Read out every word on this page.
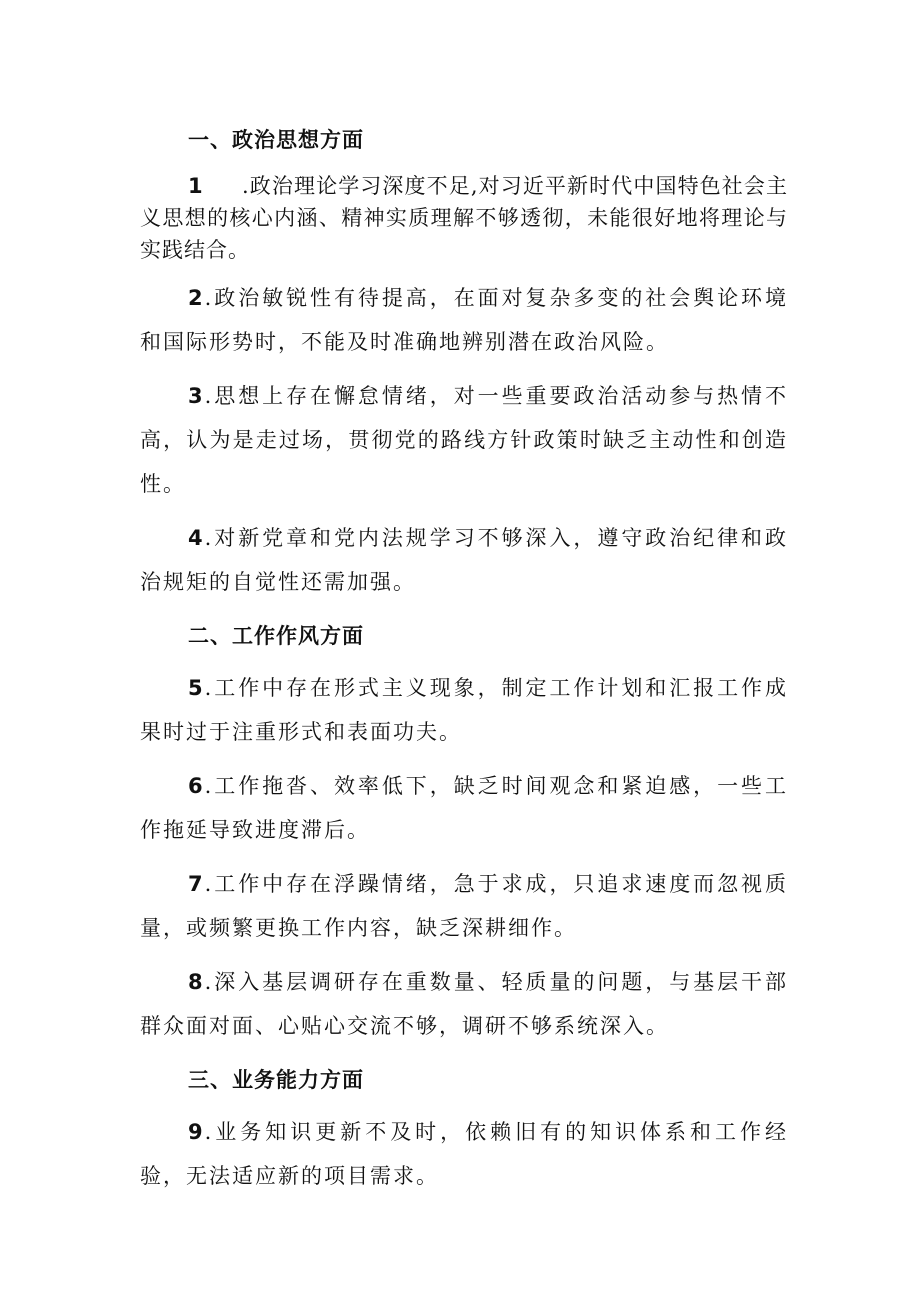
一、政治思想方面

1 .政治理论学习深度不足,对习近平新时代中国特色社会主义思想的核心内涵、精神实质理解不够透彻，未能很好地将理论与实践结合。

2.政治敏锐性有待提高，在面对复杂多变的社会舆论环境和国际形势时，不能及时准确地辨别潜在政治风险。

3.思想上存在懈怠情绪，对一些重要政治活动参与热情不高，认为是走过场，贯彻党的路线方针政策时缺乏主动性和创造性。

4.对新党章和党内法规学习不够深入，遵守政治纪律和政治规矩的自觉性还需加强。

二、工作作风方面

5.工作中存在形式主义现象，制定工作计划和汇报工作成果时过于注重形式和表面功夫。

6.工作拖沓、效率低下，缺乏时间观念和紧迫感，一些工作拖延导致进度滞后。

7.工作中存在浮躁情绪，急于求成，只追求速度而忽视质量，或频繁更换工作内容，缺乏深耕细作。

8.深入基层调研存在重数量、轻质量的问题，与基层干部群众面对面、心贴心交流不够，调研不够系统深入。

三、业务能力方面

9.业务知识更新不及时，依赖旧有的知识体系和工作经验，无法适应新的项目需求。
